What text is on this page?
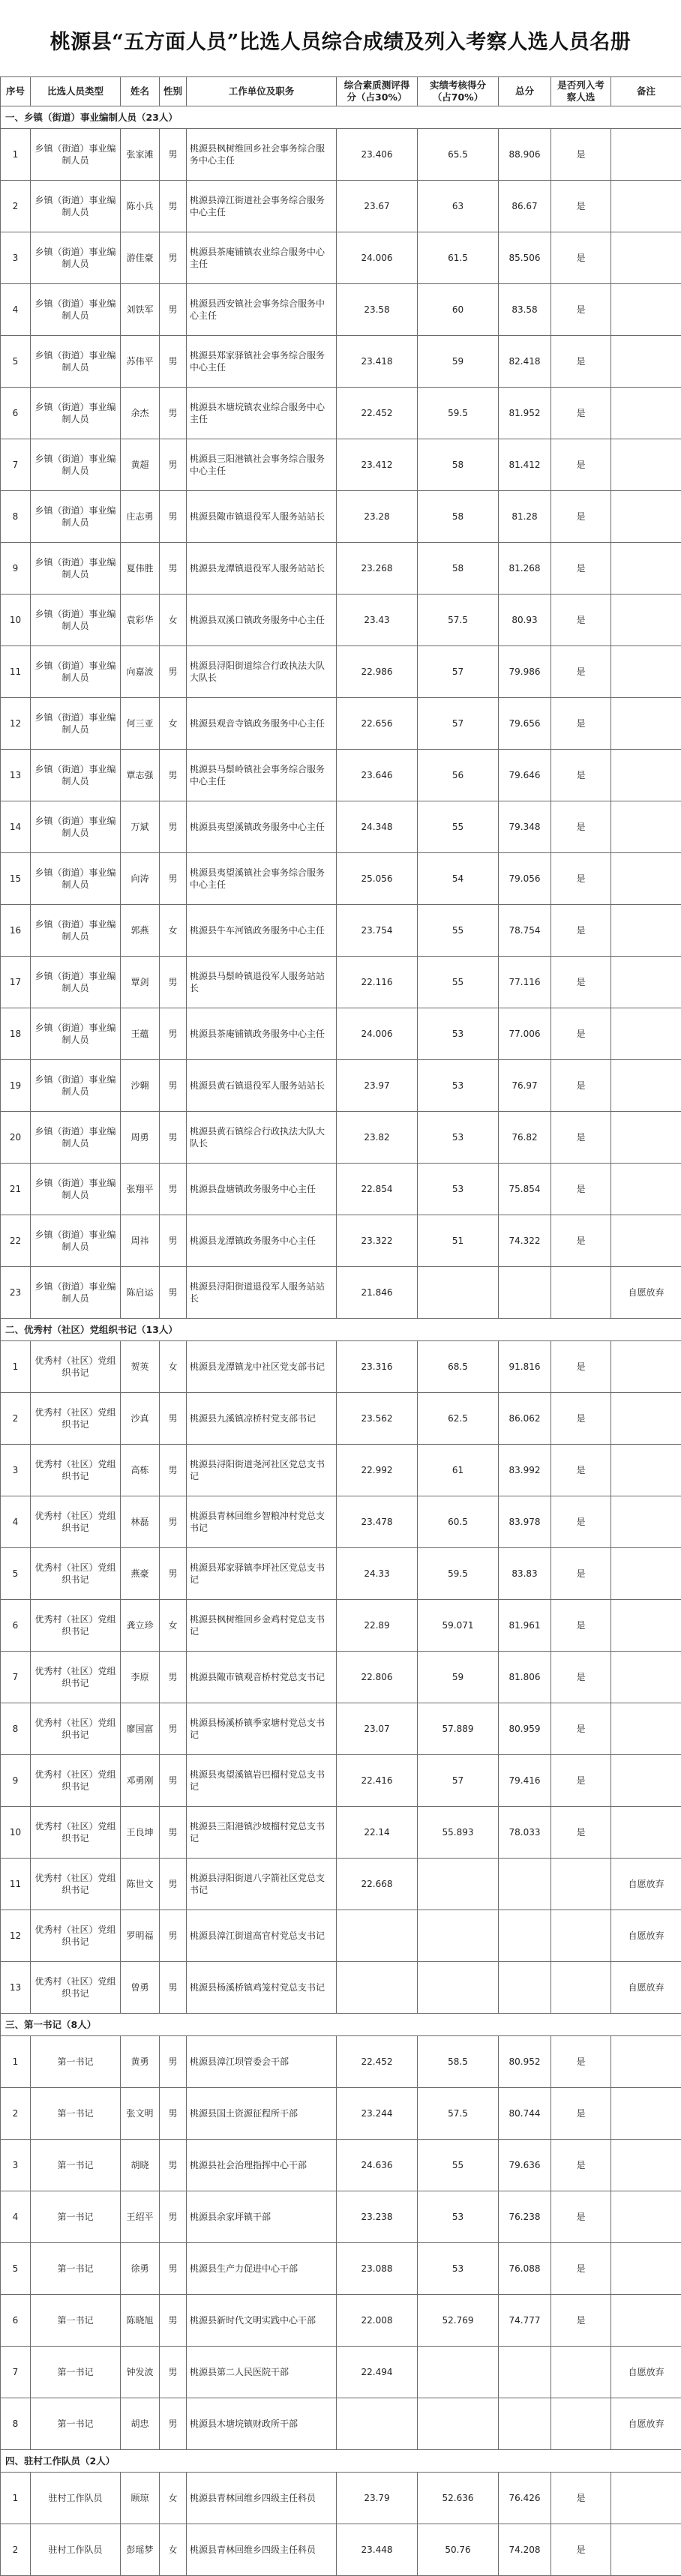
桃源县“五方面人员”比选人员综合成绩及列入考察人选人员名册
序号	比选人员类型	姓名	性别	工作单位及职务	综合素质测评得分（占30%）	实绩考核得分（占70%）	总分	是否列入考察人选	备注
一、乡镇（街道）事业编制人员（23人）									
1	乡镇（街道）事业编制人员	张家滩	男	桃源县枫树维回乡社会事务综合服务中心主任	23.406	65.5	88.906	是	
2	乡镇（街道）事业编制人员	陈小兵	男	桃源县漳江街道社会事务综合服务中心主任	23.67	63	86.67	是	
3	乡镇（街道）事业编制人员	游佳豪	男	桃源县茶庵铺镇农业综合服务中心主任	24.006	61.5	85.506	是	
4	乡镇（街道）事业编制人员	刘铁军	男	桃源县西安镇社会事务综合服务中心主任	23.58	60	83.58	是	
5	乡镇（街道）事业编制人员	苏伟平	男	桃源县郑家驿镇社会事务综合服务中心主任	23.418	59	82.418	是	
6	乡镇（街道）事业编制人员	余杰	男	桃源县木塘垸镇农业综合服务中心主任	22.452	59.5	81.952	是	
7	乡镇（街道）事业编制人员	黄超	男	桃源县三阳港镇社会事务综合服务中心主任	23.412	58	81.412	是	
8	乡镇（街道）事业编制人员	庄志勇	男	桃源县陬市镇退役军人服务站站长	23.28	58	81.28	是	
9	乡镇（街道）事业编制人员	夏伟胜	男	桃源县龙潭镇退役军人服务站站长	23.268	58	81.268	是	
10	乡镇（街道）事业编制人员	袁彩华	女	桃源县双溪口镇政务服务中心主任	23.43	57.5	80.93	是	
11	乡镇（街道）事业编制人员	向嘉波	男	桃源县浔阳街道综合行政执法大队大队长	22.986	57	79.986	是	
12	乡镇（街道）事业编制人员	何三亚	女	桃源县观音寺镇政务服务中心主任	22.656	57	79.656	是	
13	乡镇（街道）事业编制人员	覃志强	男	桃源县马鬃岭镇社会事务综合服务中心主任	23.646	56	79.646	是	
14	乡镇（街道）事业编制人员	万斌	男	桃源县夷望溪镇政务服务中心主任	24.348	55	79.348	是	
15	乡镇（街道）事业编制人员	向涛	男	桃源县夷望溪镇社会事务综合服务中心主任	25.056	54	79.056	是	
16	乡镇（街道）事业编制人员	郭燕	女	桃源县牛车河镇政务服务中心主任	23.754	55	78.754	是	
17	乡镇（街道）事业编制人员	覃剑	男	桃源县马鬃岭镇退役军人服务站站长	22.116	55	77.116	是	
18	乡镇（街道）事业编制人员	王蕴	男	桃源县茶庵铺镇政务服务中心主任	24.006	53	77.006	是	
19	乡镇（街道）事业编制人员	沙翱	男	桃源县黄石镇退役军人服务站站长	23.97	53	76.97	是	
20	乡镇（街道）事业编制人员	周勇	男	桃源县黄石镇综合行政执法大队大队长	23.82	53	76.82	是	
21	乡镇（街道）事业编制人员	张翔平	男	桃源县盘塘镇政务服务中心主任	22.854	53	75.854	是	
22	乡镇（街道）事业编制人员	周祎	男	桃源县龙潭镇政务服务中心主任	23.322	51	74.322	是	
23	乡镇（街道）事业编制人员	陈启运	男	桃源县浔阳街道退役军人服务站站长	21.846				自愿放弃
二、优秀村（社区）党组织书记（13人）									
1	优秀村（社区）党组织书记	贺英	女	桃源县龙潭镇龙中社区党支部书记	23.316	68.5	91.816	是	
2	优秀村（社区）党组织书记	沙真	男	桃源县九溪镇凉桥村党支部书记	23.562	62.5	86.062	是	
3	优秀村（社区）党组织书记	高栋	男	桃源县浔阳街道尧河社区党总支书记	22.992	61	83.992	是	
4	优秀村（社区）党组织书记	林磊	男	桃源县青林回维乡智粮冲村党总支书记	23.478	60.5	83.978	是	
5	优秀村（社区）党组织书记	燕豪	男	桃源县郑家驿镇李坪社区党总支书记	24.33	59.5	83.83	是	
6	优秀村（社区）党组织书记	龚立珍	女	桃源县枫树维回乡金鸡村党总支书记	22.89	59.071	81.961	是	
7	优秀村（社区）党组织书记	李原	男	桃源县陬市镇观音桥村党总支书记	22.806	59	81.806	是	
8	优秀村（社区）党组织书记	廖国富	男	桃源县杨溪桥镇季家塘村党总支书记	23.07	57.889	80.959	是	
9	优秀村（社区）党组织书记	邓勇刚	男	桃源县夷望溪镇岩巴榴村党总支书记	22.416	57	79.416	是	
10	优秀村（社区）党组织书记	王良坤	男	桃源县三阳港镇沙坡榴村党总支书记	22.14	55.893	78.033	是	
11	优秀村（社区）党组织书记	陈世文	男	桃源县浔阳街道八字箭社区党总支书记	22.668				自愿放弃
12	优秀村（社区）党组织书记	罗明福	男	桃源县漳江街道高官村党总支书记					自愿放弃
13	优秀村（社区）党组织书记	曾勇	男	桃源县杨溪桥镇鸡笼村党总支书记					自愿放弃
三、第一书记（8人）									
1	第一书记	黄勇	男	桃源县漳江坝管委会干部	22.452	58.5	80.952	是	
2	第一书记	张文明	男	桃源县国土资源征程所干部	23.244	57.5	80.744	是	
3	第一书记	胡晓	男	桃源县社会治理指挥中心干部	24.636	55	79.636	是	
4	第一书记	王绍平	男	桃源县余家坪镇干部	23.238	53	76.238	是	
5	第一书记	徐勇	男	桃源县生产力促进中心干部	23.088	53	76.088	是	
6	第一书记	陈晓旭	男	桃源县新时代文明实践中心干部	22.008	52.769	74.777	是	
7	第一书记	钟发波	男	桃源县第二人民医院干部	22.494				自愿放弃
8	第一书记	胡忠	男	桃源县木塘垸镇财政所干部					自愿放弃
四、驻村工作队员（2人）									
1	驻村工作队员	顾琼	女	桃源县青林回维乡四级主任科员	23.79	52.636	76.426	是	
2	驻村工作队员	彭瑶梦	女	桃源县青林回维乡四级主任科员	23.448	50.76	74.208	是	
